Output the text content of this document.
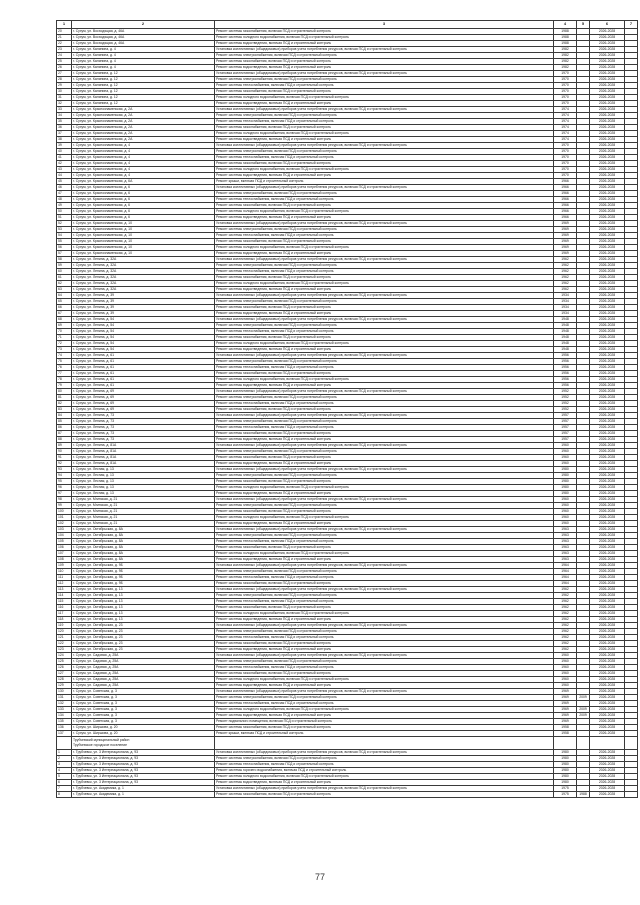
1	2	3	4	5	6	7
20	г. Сухум, ул. Восходящая, д. 46А	Ремонт системы газоснабжения, включая ПСД и строительный контроль	1988		2026-2028	
21	г. Сухум, ул. Восходящая, д. 46А	Ремонт системы холодного водоснабжения, включая ПСД и строительный контроль	1988		2026-2028	
22	г. Сухум, ул. Восходящая, д. 46А	Ремонт системы водоотведения, включая ПСД и строительный контроль	1988		2026-2028	
23	г. Сухум, ул. Калинина, д. 4	Установка коллективных (общедомовых) приборов учета потребления ресурсов, включая ПСД и строительный контроль	1982		2026-2028	
24	г. Сухум, ул. Калинина, д. 4	Ремонт системы электроснабжения, включая ПСД и строительный контроль	1982		2026-2028	
25	г. Сухум, ул. Калинина, д. 4	Ремонт системы газоснабжения, включая ПСД и строительный контроль	1982		2026-2028	
26	г. Сухум, ул. Калинина, д. 4	Ремонт системы водоотведения, включая ПСД и строительный контроль	1982		2026-2028	
27	г. Сухум, ул. Калинина, д. 12	Установка коллективных (общедомовых) приборов учета потребления ресурсов, включая ПСД и строительный контроль	1970		2026-2028	
28	г. Сухум, ул. Калинина, д. 12	Ремонт системы электроснабжения, включая ПСД и строительный контроль	1970		2026-2028	
29	г. Сухум, ул. Калинина, д. 12	Ремонт системы теплоснабжения, включая ПСД и строительный контроль	1970		2026-2028	
30	г. Сухум, ул. Калинина, д. 12	Ремонт системы газоснабжения, включая ПСД и строительный контроль	1970		2026-2028	
31	г. Сухум, ул. Калинина, д. 12	Ремонт системы холодного водоснабжения, включая ПСД и строительный контроль	1970		2026-2028	
32	г. Сухум, ул. Калинина, д. 12	Ремонт системы водоотведения, включая ПСД и строительный контроль	1970		2026-2028	
33	г. Сухум, ул. Краснознаменская, д. 2А	Установка коллективных (общедомовых) приборов учета потребления ресурсов, включая ПСД и строительный контроль	1974		2026-2028	
34	г. Сухум, ул. Краснознаменская, д. 2А	Ремонт системы электроснабжения, включая ПСД и строительный контроль	1974		2026-2028	
35	г. Сухум, ул. Краснознаменская, д. 2А	Ремонт системы теплоснабжения, включая ПСД и строительный контроль	1974		2026-2028	
36	г. Сухум, ул. Краснознаменская, д. 2А	Ремонт системы газоснабжения, включая ПСД и строительный контроль	1974		2026-2028	
37	г. Сухум, ул. Краснознаменская, д. 2А	Ремонт системы холодного водоснабжения, включая ПСД и строительный контроль	1974		2026-2028	
38	г. Сухум, ул. Краснознаменская, д. 2А	Ремонт системы водоотведения, включая ПСД и строительный контроль	1974		2026-2028	
39	г. Сухум, ул. Краснознаменская, д. 4	Установка коллективных (общедомовых) приборов учета потребления ресурсов, включая ПСД и строительный контроль	1970		2026-2028	
40	г. Сухум, ул. Краснознаменская, д. 4	Ремонт системы электроснабжения, включая ПСД и строительный контроль	1970		2026-2028	
41	г. Сухум, ул. Краснознаменская, д. 4	Ремонт системы теплоснабжения, включая ПСД и строительный контроль	1970		2026-2028	
42	г. Сухум, ул. Краснознаменская, д. 4	Ремонт системы газоснабжения, включая ПСД и строительный контроль	1970		2026-2028	
43	г. Сухум, ул. Краснознаменская, д. 4	Ремонт системы холодного водоснабжения, включая ПСД и строительный контроль	1970		2026-2028	
44	г. Сухум, ул. Краснознаменская, д. 4	Ремонт системы водоотведения, включая ПСД и строительный контроль	1970		2026-2028	
45	г. Сухум, ул. Краснознаменская, д. 6А	Ремонт крыши, включая ПСД и строительный контроль	1966		2026-2028	
46	г. Сухум, ул. Краснознаменская, д. 6	Установка коллективных (общедомовых) приборов учета потребления ресурсов, включая ПСД и строительный контроль	1966		2026-2028	
47	г. Сухум, ул. Краснознаменская, д. 6	Ремонт системы электроснабжения, включая ПСД и строительный контроль	1966		2026-2028	
48	г. Сухум, ул. Краснознаменская, д. 6	Ремонт системы теплоснабжения, включая ПСД и строительный контроль	1966		2026-2028	
49	г. Сухум, ул. Краснознаменская, д. 6	Ремонт системы газоснабжения, включая ПСД и строительный контроль	1966		2026-2028	
50	г. Сухум, ул. Краснознаменская, д. 6	Ремонт системы холодного водоснабжения, включая ПСД и строительный контроль	1966		2026-2028	
51	г. Сухум, ул. Краснознаменская, д. 6	Ремонт системы водоотведения, включая ПСД и строительный контроль	1966		2026-2028	
52	г. Сухум, ул. Краснознаменская, д. 10	Установка коллективных (общедомовых) приборов учета потребления ресурсов, включая ПСД и строительный контроль	1969		2026-2028	
53	г. Сухум, ул. Краснознаменская, д. 10	Ремонт системы электроснабжения, включая ПСД и строительный контроль	1969		2026-2028	
54	г. Сухум, ул. Краснознаменская, д. 10	Ремонт системы теплоснабжения, включая ПСД и строительный контроль	1969		2026-2028	
55	г. Сухум, ул. Краснознаменская, д. 10	Ремонт системы газоснабжения, включая ПСД и строительный контроль	1969		2026-2028	
56	г. Сухум, ул. Краснознаменская, д. 10	Ремонт системы холодного водоснабжения, включая ПСД и строительный контроль	1969		2026-2028	
57	г. Сухум, ул. Краснознаменская, д. 10	Ремонт системы водоотведения, включая ПСД и строительный контроль	1969		2026-2028	
58	г. Сухум, ул. Ленина, д. 32А	Установка коллективных (общедомовых) приборов учета потребления ресурсов, включая ПСД и строительный контроль	1962		2026-2028	
59	г. Сухум, ул. Ленина, д. 32А	Ремонт системы электроснабжения, включая ПСД и строительный контроль	1962		2026-2028	
60	г. Сухум, ул. Ленина, д. 32А	Ремонт системы теплоснабжения, включая ПСД и строительный контроль	1962		2026-2028	
61	г. Сухум, ул. Ленина, д. 32А	Ремонт системы газоснабжения, включая ПСД и строительный контроль	1962		2026-2028	
62	г. Сухум, ул. Ленина, д. 32А	Ремонт системы холодного водоснабжения, включая ПСД и строительный контроль	1962		2026-2028	
63	г. Сухум, ул. Ленина, д. 32А	Ремонт системы водоотведения, включая ПСД и строительный контроль	1962		2026-2028	
64	г. Сухум, ул. Ленина, д. 39	Установка коллективных (общедомовых) приборов учета потребления ресурсов, включая ПСД и строительный контроль	1934		2026-2028	
65	г. Сухум, ул. Ленина, д. 39	Ремонт системы электроснабжения, включая ПСД и строительный контроль	1934		2026-2028	
66	г. Сухум, ул. Ленина, д. 39	Ремонт системы газоснабжения, включая ПСД и строительный контроль	1934		2026-2028	
67	г. Сухум, ул. Ленина, д. 39	Ремонт системы водоотведения, включая ПСД и строительный контроль	1934		2026-2028	
68	г. Сухум, ул. Ленина, д. 54	Установка коллективных (общедомовых) приборов учета потребления ресурсов, включая ПСД и строительный контроль	1948		2026-2028	
69	г. Сухум, ул. Ленина, д. 54	Ремонт системы электроснабжения, включая ПСД и строительный контроль	1948		2026-2028	
70	г. Сухум, ул. Ленина, д. 54	Ремонт системы теплоснабжения, включая ПСД и строительный контроль	1948		2026-2028	
71	г. Сухум, ул. Ленина, д. 54	Ремонт системы газоснабжения, включая ПСД и строительный контроль	1948		2026-2028	
72	г. Сухум, ул. Ленина, д. 54	Ремонт системы холодного водоснабжения, включая ПСД и строительный контроль	1948		2026-2028	
73	г. Сухум, ул. Ленина, д. 54	Ремонт системы водоотведения, включая ПСД и строительный контроль	1948		2026-2028	
74	г. Сухум, ул. Ленина, д. 61	Установка коллективных (общедомовых) приборов учета потребления ресурсов, включая ПСД и строительный контроль	1956		2026-2028	
75	г. Сухум, ул. Ленина, д. 61	Ремонт системы электроснабжения, включая ПСД и строительный контроль	1956		2026-2028	
76	г. Сухум, ул. Ленина, д. 61	Ремонт системы теплоснабжения, включая ПСД и строительный контроль	1956		2026-2028	
77	г. Сухум, ул. Ленина, д. 61	Ремонт системы газоснабжения, включая ПСД и строительный контроль	1956		2026-2028	
78	г. Сухум, ул. Ленина, д. 61	Ремонт системы холодного водоснабжения, включая ПСД и строительный контроль	1956		2026-2028	
79	г. Сухум, ул. Ленина, д. 61	Ремонт системы водоотведения, включая ПСД и строительный контроль	1956		2026-2028	
80	г. Сухум, ул. Ленина, д. 69	Установка коллективных (общедомовых) приборов учета потребления ресурсов, включая ПСД и строительный контроль	1952		2026-2028	
81	г. Сухум, ул. Ленина, д. 69	Ремонт системы электроснабжения, включая ПСД и строительный контроль	1952		2026-2028	
82	г. Сухум, ул. Ленина, д. 69	Ремонт системы теплоснабжения, включая ПСД и строительный контроль	1952		2026-2028	
83	г. Сухум, ул. Ленина, д. 69	Ремонт системы газоснабжения, включая ПСД и строительный контроль	1952		2026-2028	
84	г. Сухум, ул. Ленина, д. 73	Установка коллективных (общедомовых) приборов учета потребления ресурсов, включая ПСД и строительный контроль	1957		2026-2028	
85	г. Сухум, ул. Ленина, д. 73	Ремонт системы электроснабжения, включая ПСД и строительный контроль	1957		2026-2028	
86	г. Сухум, ул. Ленина, д. 73	Ремонт системы теплоснабжения, включая ПСД и строительный контроль	1957		2026-2028	
87	г. Сухум, ул. Ленина, д. 73	Ремонт системы газоснабжения, включая ПСД и строительный контроль	1957		2026-2028	
88	г. Сухум, ул. Ленина, д. 73	Ремонт системы водоотведения, включая ПСД и строительный контроль	1957		2026-2028	
89	г. Сухум, ул. Ленина, д. 81А	Установка коллективных (общедомовых) приборов учета потребления ресурсов, включая ПСД и строительный контроль	1960		2026-2028	
90	г. Сухум, ул. Ленина, д. 81А	Ремонт системы электроснабжения, включая ПСД и строительный контроль	1960		2026-2028	
91	г. Сухум, ул. Ленина, д. 81А	Ремонт системы газоснабжения, включая ПСД и строительный контроль	1960		2026-2028	
92	г. Сухум, ул. Ленина, д. 81А	Ремонт системы водоотведения, включая ПСД и строительный контроль	1960		2026-2028	
93	г. Сухум, ул. Лесная, д. 13	Установка коллективных (общедомовых) приборов учета потребления ресурсов, включая ПСД и строительный контроль	1980		2026-2028	
94	г. Сухум, ул. Лесная, д. 13	Ремонт системы электроснабжения, включая ПСД и строительный контроль	1980		2026-2028	
95	г. Сухум, ул. Лесная, д. 13	Ремонт системы газоснабжения, включая ПСД и строительный контроль	1980		2026-2028	
96	г. Сухум, ул. Лесная, д. 13	Ремонт системы холодного водоснабжения, включая ПСД и строительный контроль	1980		2026-2028	
97	г. Сухум, ул. Лесная, д. 13	Ремонт системы водоотведения, включая ПСД и строительный контроль	1980		2026-2028	
98	г. Сухум, ул. Мгинская, д. 21	Установка коллективных (общедомовых) приборов учета потребления ресурсов, включая ПСД и строительный контроль	1960		2026-2028	
99	г. Сухум, ул. Мгинская, д. 21	Ремонт системы электроснабжения, включая ПСД и строительный контроль	1960		2026-2028	
100	г. Сухум, ул. Мгинская, д. 21	Ремонт системы газоснабжения, включая ПСД и строительный контроль	1960		2026-2028	
101	г. Сухум, ул. Мгинская, д. 21	Ремонт системы холодного водоснабжения, включая ПСД и строительный контроль	1960		2026-2028	
102	г. Сухум, ул. Мгинская, д. 21	Ремонт системы водоотведения, включая ПСД и строительный контроль	1960		2026-2028	
103	г. Сухум, ул. Октябрьская, д. 8А	Установка коллективных (общедомовых) приборов учета потребления ресурсов, включая ПСД и строительный контроль	1963		2026-2028	
104	г. Сухум, ул. Октябрьская, д. 8А	Ремонт системы электроснабжения, включая ПСД и строительный контроль	1963		2026-2028	
105	г. Сухум, ул. Октябрьская, д. 8А	Ремонт системы теплоснабжения, включая ПСД и строительный контроль	1963		2026-2028	
106	г. Сухум, ул. Октябрьская, д. 8А	Ремонт системы газоснабжения, включая ПСД и строительный контроль	1963		2026-2028	
107	г. Сухум, ул. Октябрьская, д. 8А	Ремонт системы холодного водоснабжения, включая ПСД и строительный контроль	1963		2026-2028	
108	г. Сухум, ул. Октябрьская, д. 8А	Ремонт системы водоотведения, включая ПСД и строительный контроль	1963		2026-2028	
109	г. Сухум, ул. Октябрьская, д. 9Б	Установка коллективных (общедомовых) приборов учета потребления ресурсов, включая ПСД и строительный контроль	1964		2026-2028	
110	г. Сухум, ул. Октябрьская, д. 9Б	Ремонт системы электроснабжения, включая ПСД и строительный контроль	1964		2026-2028	
111	г. Сухум, ул. Октябрьская, д. 9Б	Ремонт системы теплоснабжения, включая ПСД и строительный контроль	1964		2026-2028	
112	г. Сухум, ул. Октябрьская, д. 9Б	Ремонт системы газоснабжения, включая ПСД и строительный контроль	1964		2026-2028	
113	г. Сухум, ул. Октябрьская, д. 13	Установка коллективных (общедомовых) приборов учета потребления ресурсов, включая ПСД и строительный контроль	1962		2026-2028	
114	г. Сухум, ул. Октябрьская, д. 13	Ремонт системы электроснабжения, включая ПСД и строительный контроль	1962		2026-2028	
115	г. Сухум, ул. Октябрьская, д. 13	Ремонт системы теплоснабжения, включая ПСД и строительный контроль	1962		2026-2028	
116	г. Сухум, ул. Октябрьская, д. 13	Ремонт системы газоснабжения, включая ПСД и строительный контроль	1962		2026-2028	
117	г. Сухум, ул. Октябрьская, д. 13	Ремонт системы холодного водоснабжения, включая ПСД и строительный контроль	1962		2026-2028	
118	г. Сухум, ул. Октябрьская, д. 13	Ремонт системы водоотведения, включая ПСД и строительный контроль	1962		2026-2028	
119	г. Сухум, ул. Октябрьская, д. 23	Установка коллективных (общедомовых) приборов учета потребления ресурсов, включая ПСД и строительный контроль	1962		2026-2028	
120	г. Сухум, ул. Октябрьская, д. 23	Ремонт системы электроснабжения, включая ПСД и строительный контроль	1962		2026-2028	
121	г. Сухум, ул. Октябрьская, д. 23	Ремонт системы теплоснабжения, включая ПСД и строительный контроль	1962		2026-2028	
122	г. Сухум, ул. Октябрьская, д. 23	Ремонт системы газоснабжения, включая ПСД и строительный контроль	1962		2026-2028	
123	г. Сухум, ул. Октябрьская, д. 23	Ремонт системы водоотведения, включая ПСД и строительный контроль	1962		2026-2028	
124	г. Сухум, ул. Садовая, д. 25А	Установка коллективных (общедомовых) приборов учета потребления ресурсов, включая ПСД и строительный контроль	1960		2026-2028	
125	г. Сухум, ул. Садовая, д. 25А	Ремонт системы электроснабжения, включая ПСД и строительный контроль	1960		2026-2028	
126	г. Сухум, ул. Садовая, д. 25А	Ремонт системы теплоснабжения, включая ПСД и строительный контроль	1960		2026-2028	
127	г. Сухум, ул. Садовая, д. 25А	Ремонт системы газоснабжения, включая ПСД и строительный контроль	1960		2026-2028	
128	г. Сухум, ул. Садовая, д. 25А	Ремонт системы холодного водоснабжения, включая ПСД и строительный контроль	1960		2026-2028	
129	г. Сухум, ул. Садовая, д. 25А	Ремонт системы водоотведения, включая ПСД и строительный контроль	1960		2026-2028	
130	г. Сухум, ул. Советская, д. 3	Установка коллективных (общедомовых) приборов учета потребления ресурсов, включая ПСД и строительный контроль	1969		2026-2028	
131	г. Сухум, ул. Советская, д. 3	Ремонт системы электроснабжения, включая ПСД и строительный контроль	1969	2009	2026-2028	
132	г. Сухум, ул. Советская, д. 3	Ремонт системы теплоснабжения, включая ПСД и строительный контроль	1969		2026-2028	
133	г. Сухум, ул. Советская, д. 3	Ремонт системы холодного водоснабжения, включая ПСД и строительный контроль	1969	2009	2026-2028	
134	г. Сухум, ул. Советская, д. 3	Ремонт системы водоотведения, включая ПСД и строительный контроль	1969	2009	2026-2028	
135	г. Сухум, ул. Советская, д. 3	Ремонт подвального помещения, включая ПСД и строительный контроль	1969		2026-2028	
136	г. Сухум, ул. Ширшова, д. 20	Ремонт системы газоснабжения, включая ПСД и строительный контроль	1958		2026-2028	
137	г. Сухум, ул. Ширшова, д. 20	Ремонт крыши, включая ПСД и строительный контроль	1958		2026-2028	

	Трубчевский муниципальный район
Трубчевское городское поселение					

1	г. Трубчевск, ул. 3 Интернационала, д. 93	Установка коллективных (общедомовых) приборов учета потребления ресурсов, включая ПСД и строительный контроль	1980		2026-2028	
2	г. Трубчевск, ул. 3 Интернационала, д. 93	Ремонт системы электроснабжения, включая ПСД и строительный контроль	1980		2026-2028	
3	г. Трубчевск, ул. 3 Интернационала, д. 93	Ремонт системы теплоснабжения, включая ПСД и строительный контроль	1980		2026-2028	
4	г. Трубчевск, ул. 3 Интернационала, д. 93	Ремонт системы горячего водоснабжения, включая ПСД и строительный контроль	1980		2026-2028	
5	г. Трубчевск, ул. 3 Интернационала, д. 93	Ремонт системы холодного водоснабжения, включая ПСД и строительный контроль	1980		2026-2028	
6	г. Трубчевск, ул. 3 Интернационала, д. 93	Ремонт системы водоотведения, включая ПСД и строительный контроль	1980		2026-2028	
7	г. Трубчевск, ул. Академика, д. 1	Установка коллективных (общедомовых) приборов учета потребления ресурсов, включая ПСД и строительный контроль	1975		2026-2028	
8	г. Трубчевск, ул. Академика, д. 1	Ремонт системы газоснабжения, включая ПСД и строительный контроль	1975	1988	2026-2028	
77
